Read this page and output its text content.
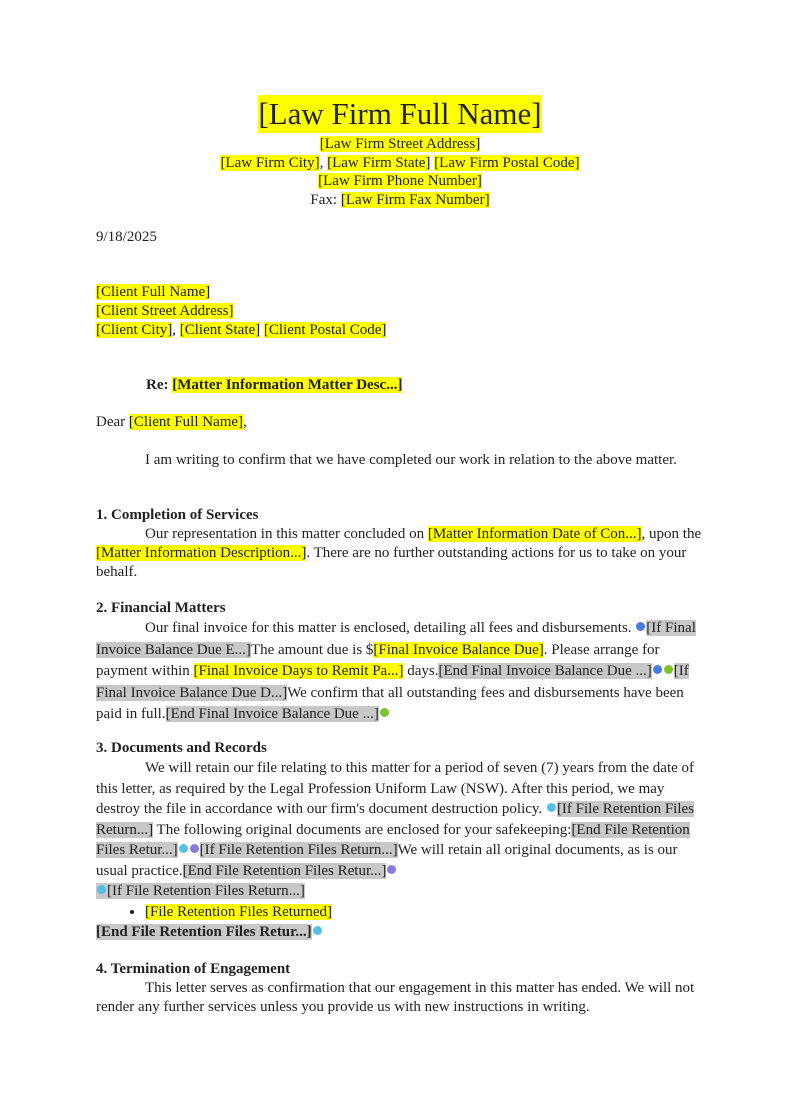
[Law Firm Full Name]
[Law Firm Street Address]
[Law Firm City], [Law Firm State] [Law Firm Postal Code]
[Law Firm Phone Number]
Fax: [Law Firm Fax Number]
9/18/2025
[Client Full Name]
[Client Street Address]
[Client City], [Client State] [Client Postal Code]
Re: [Matter Information Matter Desc...]
Dear [Client Full Name],

I am writing to confirm that we have completed our work in relation to the above matter.

1. Completion of Services

Our representation in this matter concluded on [Matter Information Date of Con...], upon the [Matter Information Description...]. There are no further outstanding actions for us to take on your behalf.

2. Financial Matters

Our final invoice for this matter is enclosed, detailing all fees and disbursements. [If Final Invoice Balance Due E...]The amount due is $[Final Invoice Balance Due]. Please arrange for payment within [Final Invoice Days to Remit Pa...] days.[End Final Invoice Balance Due ...] [If Final Invoice Balance Due D...]We confirm that all outstanding fees and disbursements have been paid in full.[End Final Invoice Balance Due ...]

3. Documents and Records

We will retain our file relating to this matter for a period of seven (7) years from the date of this letter, as required by the Legal Profession Uniform Law (NSW). After this period, we may destroy the file in accordance with our firm's document destruction policy. [If File Retention Files Return...] The following original documents are enclosed for your safekeeping:[End File Retention Files Retur...] [If File Retention Files Return...]We will retain all original documents, as is our usual practice.[End File Retention Files Retur...]

[If File Retention Files Return...]
• [File Retention Files Returned]
[End File Retention Files Retur...]
4. Termination of Engagement

This letter serves as confirmation that our engagement in this matter has ended. We will not render any further services unless you provide us with new instructions in writing.
